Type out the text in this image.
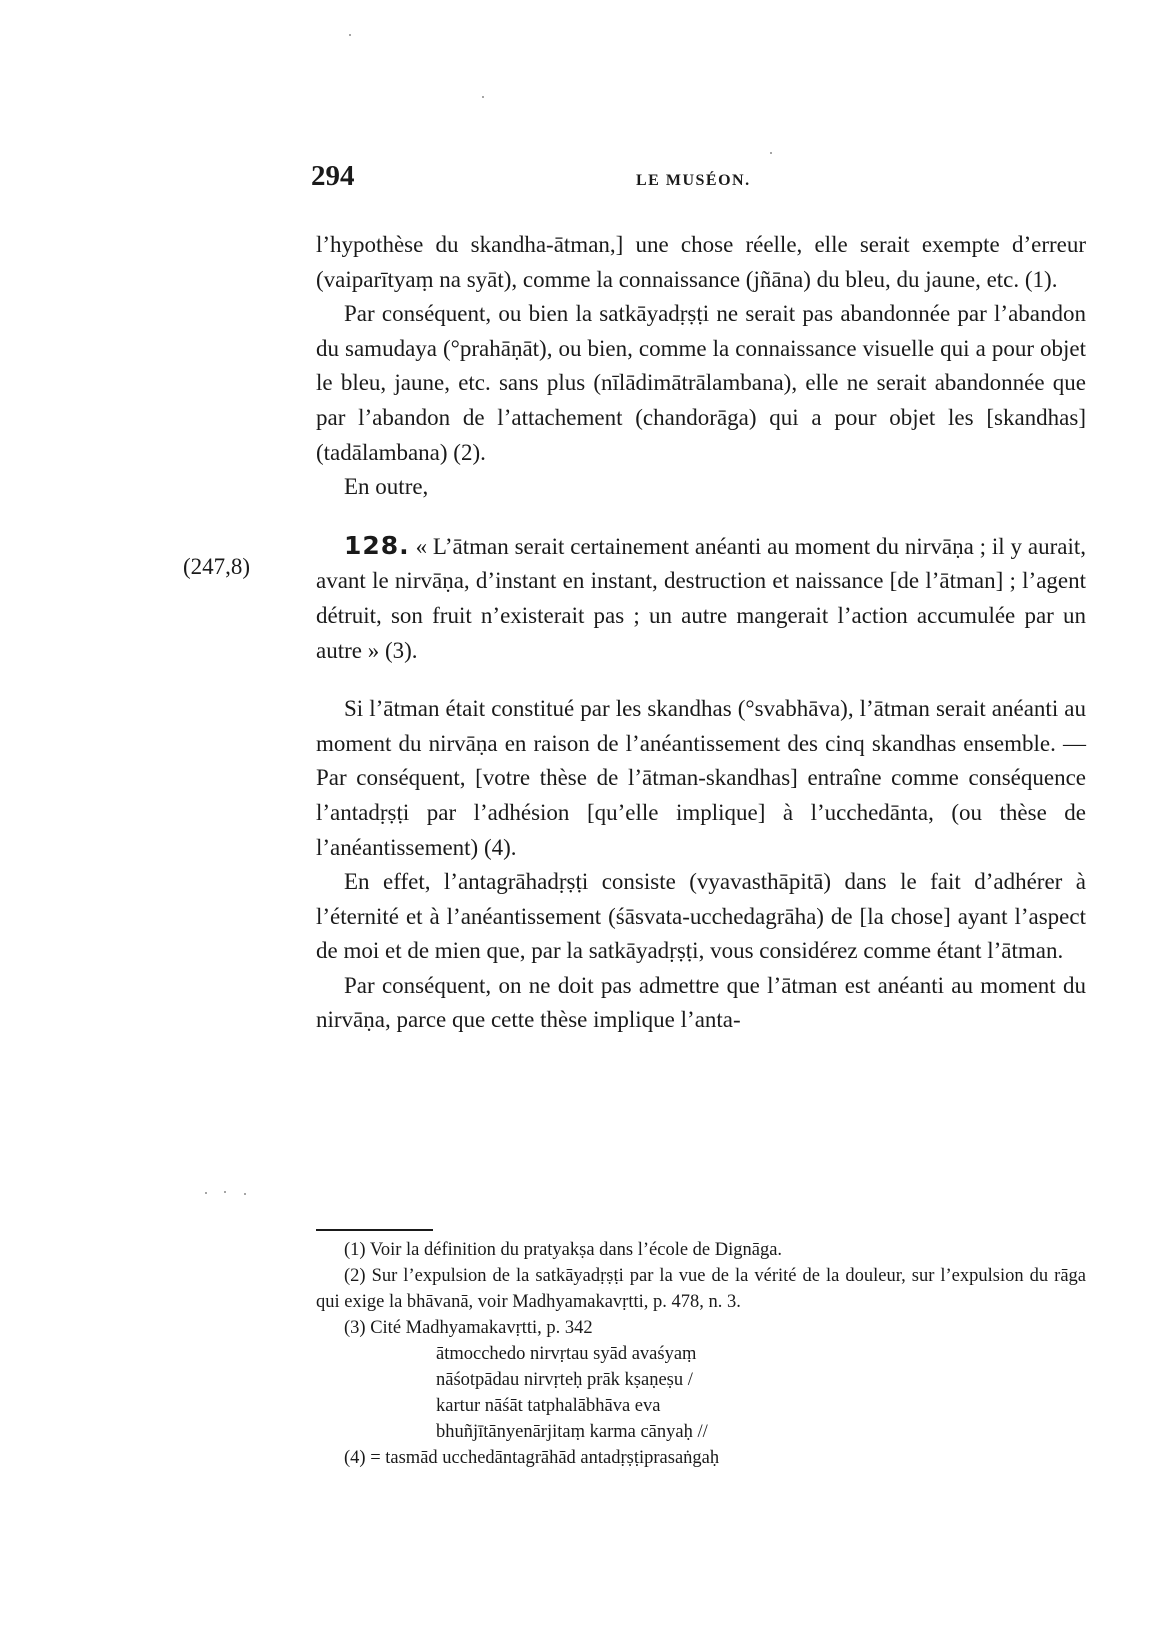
294	LE MUSÉON.
(247,8)

l’hypothèse du skandha-ātman,] une chose réelle, elle serait exempte d’erreur (vaiparītyaṃ na syāt), comme la connaissance (jñāna) du bleu, du jaune, etc. (1).

Par conséquent, ou bien la satkāyadṛṣṭi ne serait pas abandonnée par l’abandon du samudaya (°prahāṇāt), ou bien, comme la connaissance visuelle qui a pour objet le bleu, jaune, etc. sans plus (nīlādimātrālambana), elle ne serait abandonnée que par l’abandon de l’attachement (chandorāga) qui a pour objet les [skandhas] (tadālambana) (2).

En outre,

128. « L’ātman serait certainement anéanti au moment du nirvāṇa ; il y aurait, avant le nirvāṇa, d’instant en instant, destruction et naissance [de l’ātman] ; l’agent détruit, son fruit n’existerait pas ; un autre mangerait l’action accumulée par un autre » (3).

Si l’ātman était constitué par les skandhas (°svabhāva), l’ātman serait anéanti au moment du nirvāṇa en raison de l’anéantissement des cinq skandhas ensemble. — Par conséquent, [votre thèse de l’ātman-skandhas] entraîne comme conséquence l’antadṛṣṭi par l’adhésion [qu’elle implique] à l’ucchedānta, (ou thèse de l’anéantissement) (4).

En effet, l’antagrāhadṛṣṭi consiste (vyavasthāpitā) dans le fait d’adhérer à l’éternité et à l’anéantissement (śāsvata-ucchedagrāha) de [la chose] ayant l’aspect de moi et de mien que, par la satkāyadṛṣṭi, vous considérez comme étant l’ātman.

Par conséquent, on ne doit pas admettre que l’ātman est anéanti au moment du nirvāṇa, parce que cette thèse implique l’anta-

(1) Voir la définition du pratyakṣa dans l’école de Dignāga.

(2) Sur l’expulsion de la satkāyadṛṣṭi par la vue de la vérité de la douleur, sur l’expulsion du rāga qui exige la bhāvanā, voir Madhyamakavṛtti, p. 478, n. 3.

(3) Cité Madhyamakavṛtti, p. 342

ātmocchedo nirvṛtau syād avaśyaṃ
nāśotpādau nirvṛteḥ prāk kṣaṇeṣu /
kartur nāśāt tatphalābhāva eva
bhuñjītānyenārjitaṃ karma cānyaḥ //

(4) = tasmād ucchedāntagrāhād antadṛṣṭiprasaṅgaḥ
